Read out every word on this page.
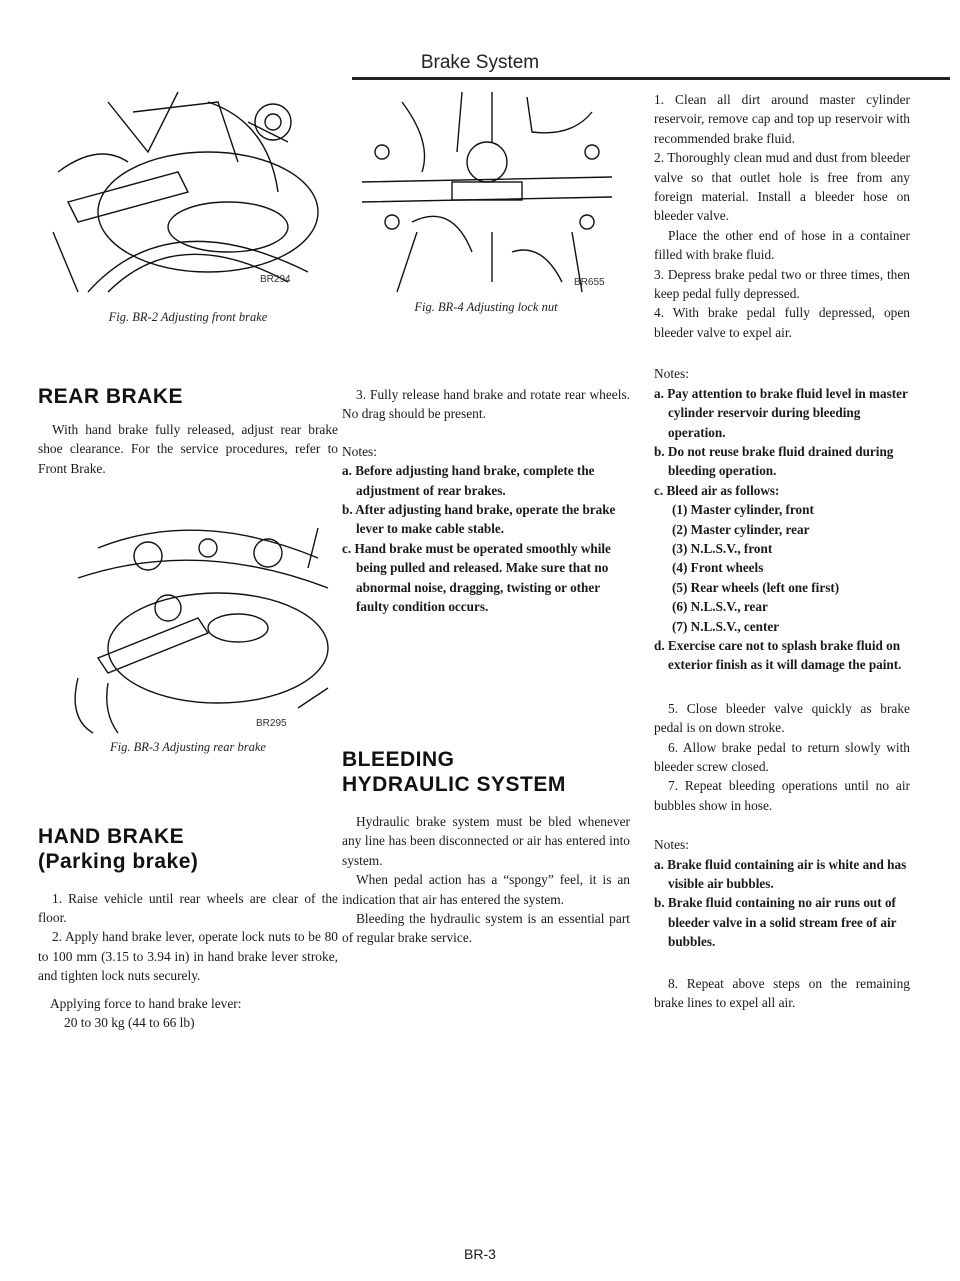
Brake System
BR294
Fig. BR-2 Adjusting front brake
REAR BRAKE

With hand brake fully released, adjust rear brake shoe clearance. For the service procedures, refer to Front Brake.

BR295
Fig. BR-3 Adjusting rear brake
HAND BRAKE
(Parking brake)

1. Raise vehicle until rear wheels are clear of the floor.

2. Apply hand brake lever, operate lock nuts to be 80 to 100 mm (3.15 to 3.94 in) in hand brake lever stroke, and tighten lock nuts securely.

Applying force to hand brake lever:

20 to 30 kg (44 to 66 lb)

BR655
Fig. BR-4 Adjusting lock nut

3. Fully release hand brake and rotate rear wheels. No drag should be present.

Notes:

a. Before adjusting hand brake, complete the adjustment of rear brakes.
b. After adjusting hand brake, operate the brake lever to make cable stable.
c. Hand brake must be operated smoothly while being pulled and released. Make sure that no abnormal noise, dragging, twisting or other faulty condition occurs.
BLEEDING
HYDRAULIC SYSTEM

Hydraulic brake system must be bled whenever any line has been disconnected or air has entered into system.

When pedal action has a “spongy” feel, it is an indication that air has entered the system.

Bleeding the hydraulic system is an essential part of regular brake service.

1. Clean all dirt around master cylinder reservoir, remove cap and top up reservoir with recommended brake fluid.

2. Thoroughly clean mud and dust from bleeder valve so that outlet hole is free from any foreign material. Install a bleeder hose on bleeder valve.

Place the other end of hose in a container filled with brake fluid.

3. Depress brake pedal two or three times, then keep pedal fully depressed.

4. With brake pedal fully depressed, open bleeder valve to expel air.

Notes:

a. Pay attention to brake fluid level in master cylinder reservoir during bleeding operation.
b. Do not reuse brake fluid drained during bleeding operation.
c. Bleed air as follows:
(1) Master cylinder, front
(2) Master cylinder, rear
(3) N.L.S.V., front
(4) Front wheels
(5) Rear wheels (left one first)
(6) N.L.S.V., rear
(7) N.L.S.V., center
d. Exercise care not to splash brake fluid on exterior finish as it will damage the paint.

5. Close bleeder valve quickly as brake pedal is on down stroke.

6. Allow brake pedal to return slowly with bleeder screw closed.

7. Repeat bleeding operations until no air bubbles show in hose.

Notes:

a. Brake fluid containing air is white and has visible air bubbles.
b. Brake fluid containing no air runs out of bleeder valve in a solid stream free of air bubbles.

8. Repeat above steps on the remaining brake lines to expel all air.

BR-3
